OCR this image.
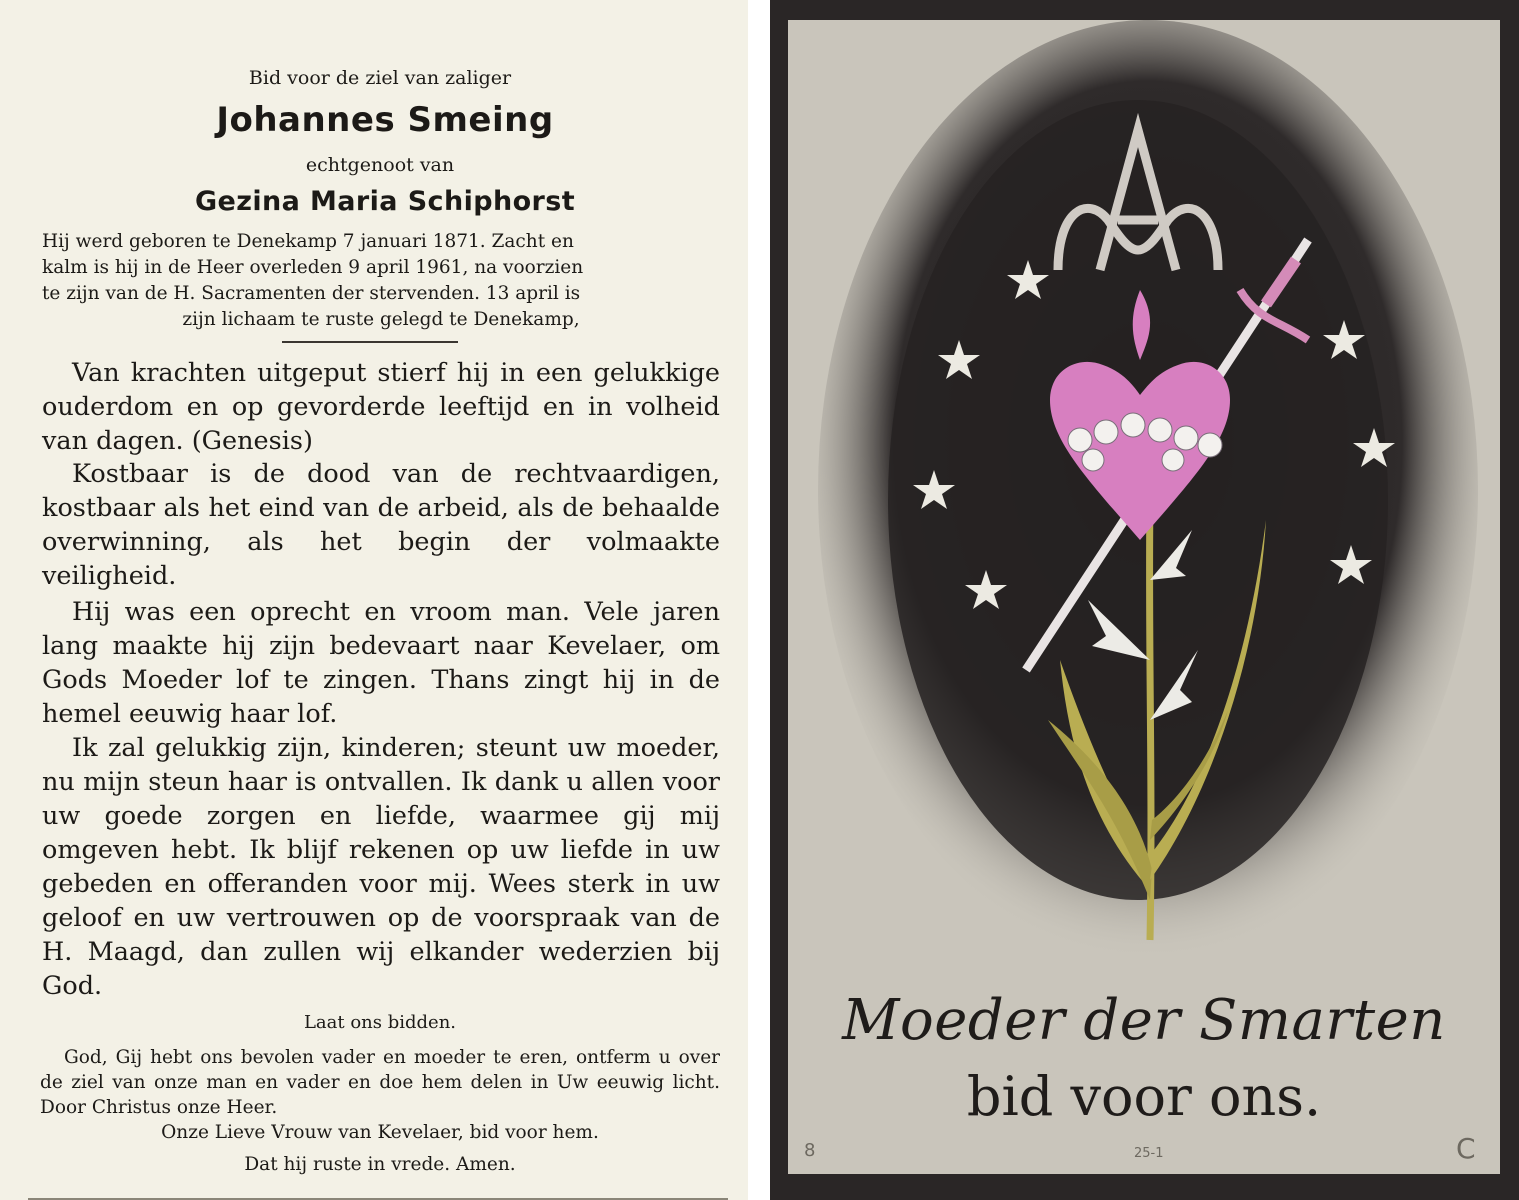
Bid voor de ziel van zaliger
Johannes Smeing
echtgenoot van
Gezina Maria Schiphorst
Hij werd geboren te Denekamp 7 januari 1871. Zacht en
kalm is hij in de Heer overleden 9 april 1961, na voorzien
te zijn van de H. Sacramenten der stervenden. 13 april is
zijn lichaam te ruste gelegd te Denekamp,
Van krachten uitgeput stierf hij in een gelukkige ouderdom en op gevorderde leeftijd en in volheid van dagen. (Genesis)
Kostbaar is de dood van de rechtvaardigen, kostbaar als het eind van de arbeid, als de behaalde overwinning, als het begin der volmaakte veiligheid.
Hij was een oprecht en vroom man. Vele jaren lang maakte hij zijn bedevaart naar Kevelaer, om Gods Moeder lof te zingen. Thans zingt hij in de hemel eeuwig haar lof.
Ik zal gelukkig zijn, kinderen; steunt uw moeder, nu mijn steun haar is ontvallen. Ik dank u allen voor uw goede zorgen en liefde, waarmee gij mij omgeven hebt. Ik blijf rekenen op uw liefde in uw gebeden en offeranden voor mij. Wees sterk in uw geloof en uw vertrouwen op de voorspraak van de H. Maagd, dan zullen wij elkander wederzien bij God.
Laat ons bidden.
God, Gij hebt ons bevolen vader en moeder te eren, ontferm u over de ziel van onze man en vader en doe hem delen in Uw eeuwig licht. Door Christus onze Heer.
Onze Lieve Vrouw van Kevelaer, bid voor hem.
Dat hij ruste in vrede. Amen.
Moeder der Smarten
bid voor ons.
25-1
8	C
